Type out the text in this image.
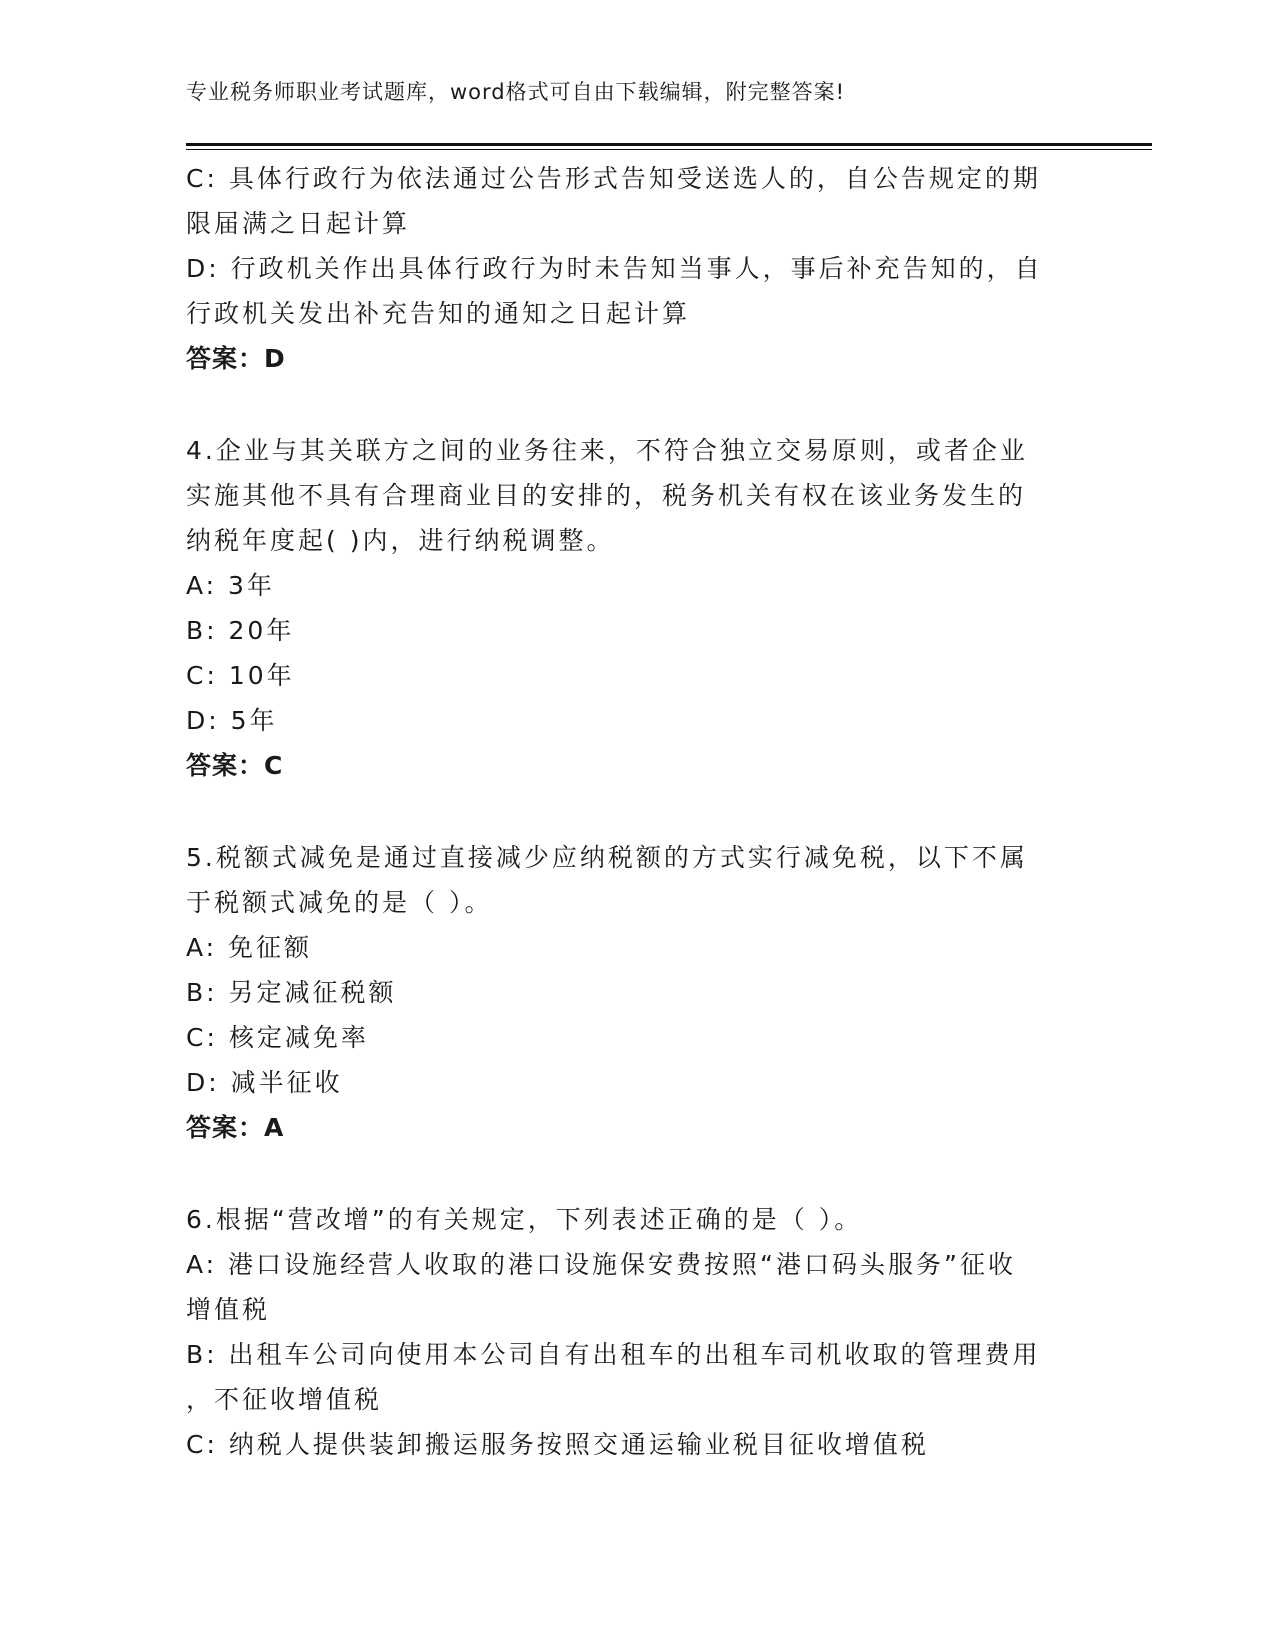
专业税务师职业考试题库，word格式可自由下载编辑，附完整答案!
C: 具体行政行为依法通过公告形式告知受送选人的，自公告规定的期
限届满之日起计算
D: 行政机关作出具体行政行为时未告知当事人，事后补充告知的，自
行政机关发出补充告知的通知之日起计算
答案：D
4.企业与其关联方之间的业务往来，不符合独立交易原则，或者企业
实施其他不具有合理商业目的安排的，税务机关有权在该业务发生的
纳税年度起( )内，进行纳税调整。
A: 3年
B: 20年
C: 10年
D: 5年
答案：C
5.税额式减免是通过直接减少应纳税额的方式实行减免税，以下不属
于税额式减免的是（ ）。
A: 免征额
B: 另定减征税额
C: 核定减免率
D: 减半征收
答案：A
6.根据“营改增”的有关规定，下列表述正确的是（ ）。
A: 港口设施经营人收取的港口设施保安费按照“港口码头服务”征收
增值税
B: 出租车公司向使用本公司自有出租车的出租车司机收取的管理费用
，不征收增值税
C: 纳税人提供装卸搬运服务按照交通运输业税目征收增值税
